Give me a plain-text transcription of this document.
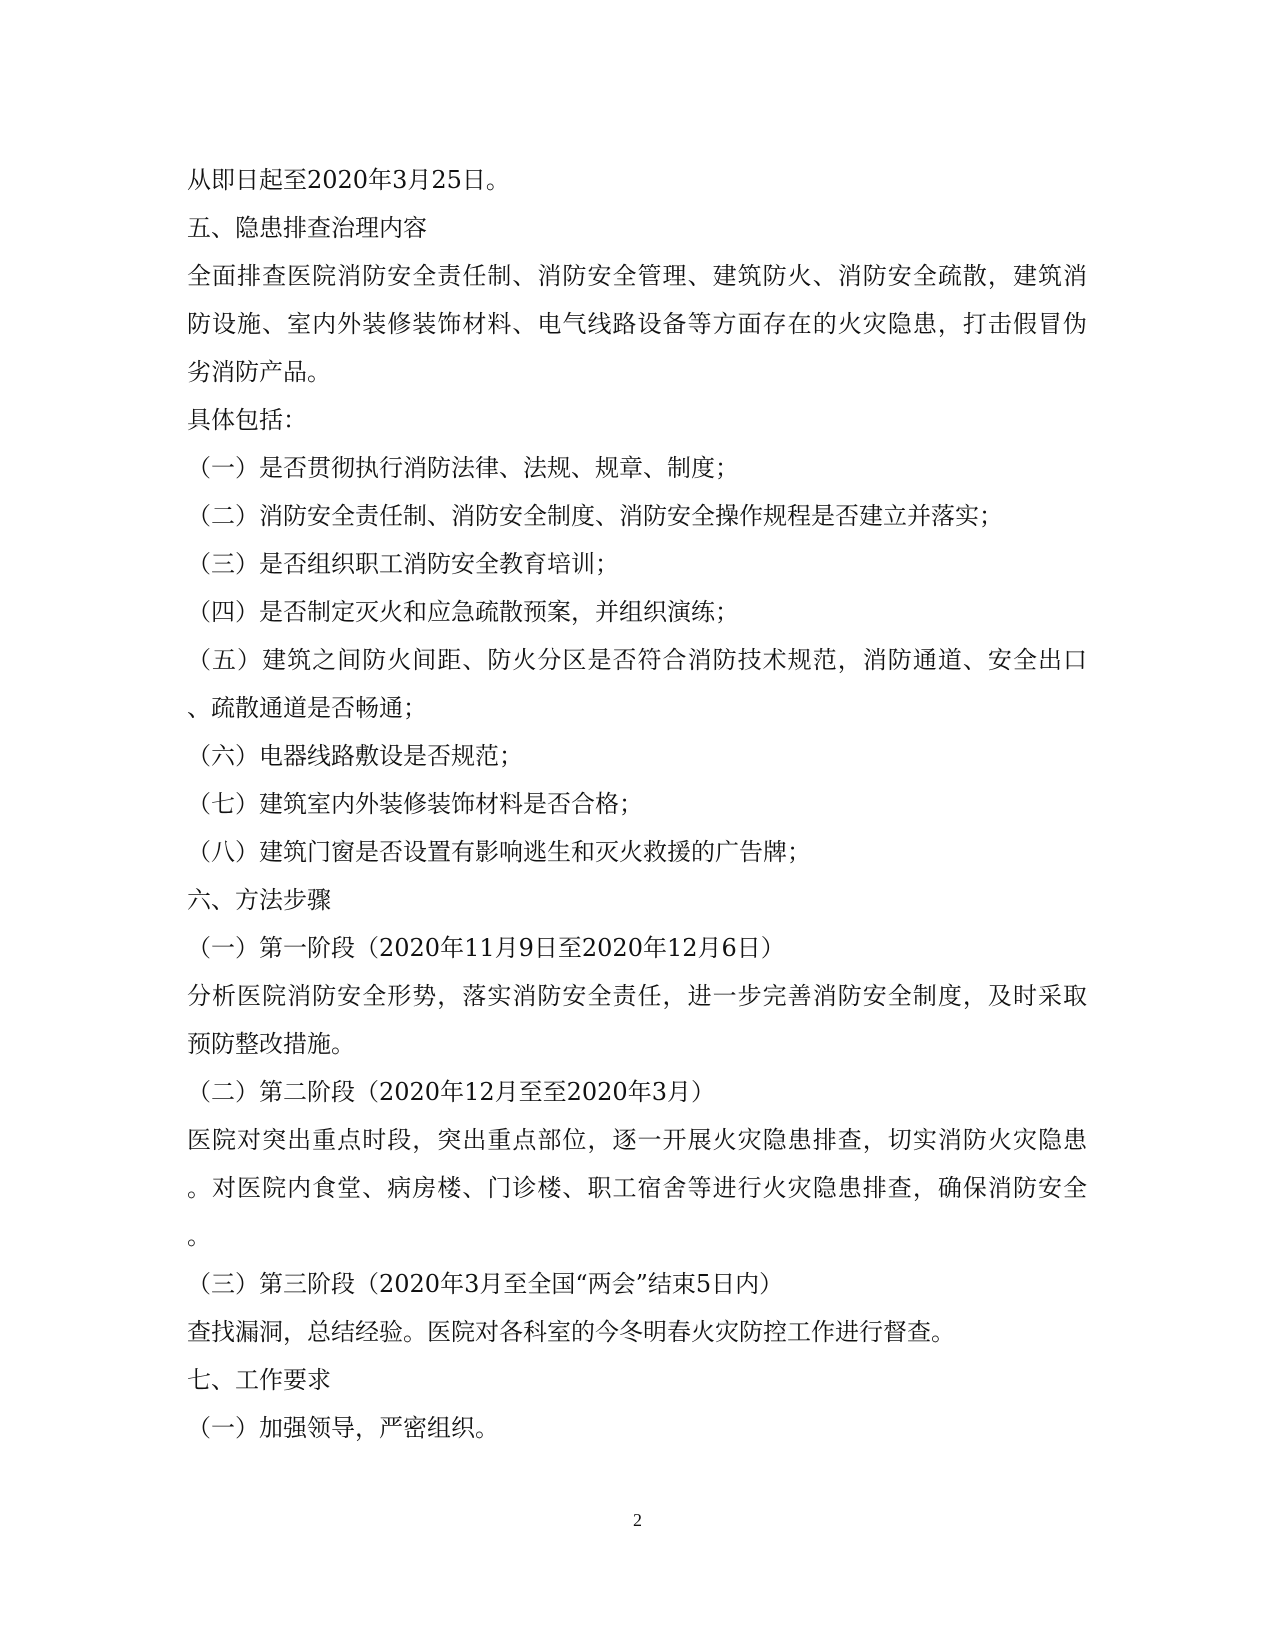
从即日起至2020年3月25日。
五、隐患排查治理内容
全面排查医院消防安全责任制、消防安全管理、建筑防火、消防安全疏散，建筑消
防设施、室内外装修装饰材料、电气线路设备等方面存在的火灾隐患，打击假冒伪
劣消防产品。
具体包括：
（一）是否贯彻执行消防法律、法规、规章、制度；
（二）消防安全责任制、消防安全制度、消防安全操作规程是否建立并落实；
（三）是否组织职工消防安全教育培训；
（四）是否制定灭火和应急疏散预案，并组织演练；
（五）建筑之间防火间距、防火分区是否符合消防技术规范，消防通道、安全出口
、疏散通道是否畅通；
（六）电器线路敷设是否规范；
（七）建筑室内外装修装饰材料是否合格；
（八）建筑门窗是否设置有影响逃生和灭火救援的广告牌；
六、方法步骤
（一）第一阶段（2020年11月9日至2020年12月6日）
分析医院消防安全形势，落实消防安全责任，进一步完善消防安全制度，及时采取
预防整改措施。
（二）第二阶段（2020年12月至至2020年3月）
医院对突出重点时段，突出重点部位，逐一开展火灾隐患排查，切实消防火灾隐患
。对医院内食堂、病房楼、门诊楼、职工宿舍等进行火灾隐患排查，确保消防安全
。
（三）第三阶段（2020年3月至全国“两会”结束5日内）
查找漏洞，总结经验。医院对各科室的今冬明春火灾防控工作进行督查。
七、工作要求
（一）加强领导，严密组织。
2
